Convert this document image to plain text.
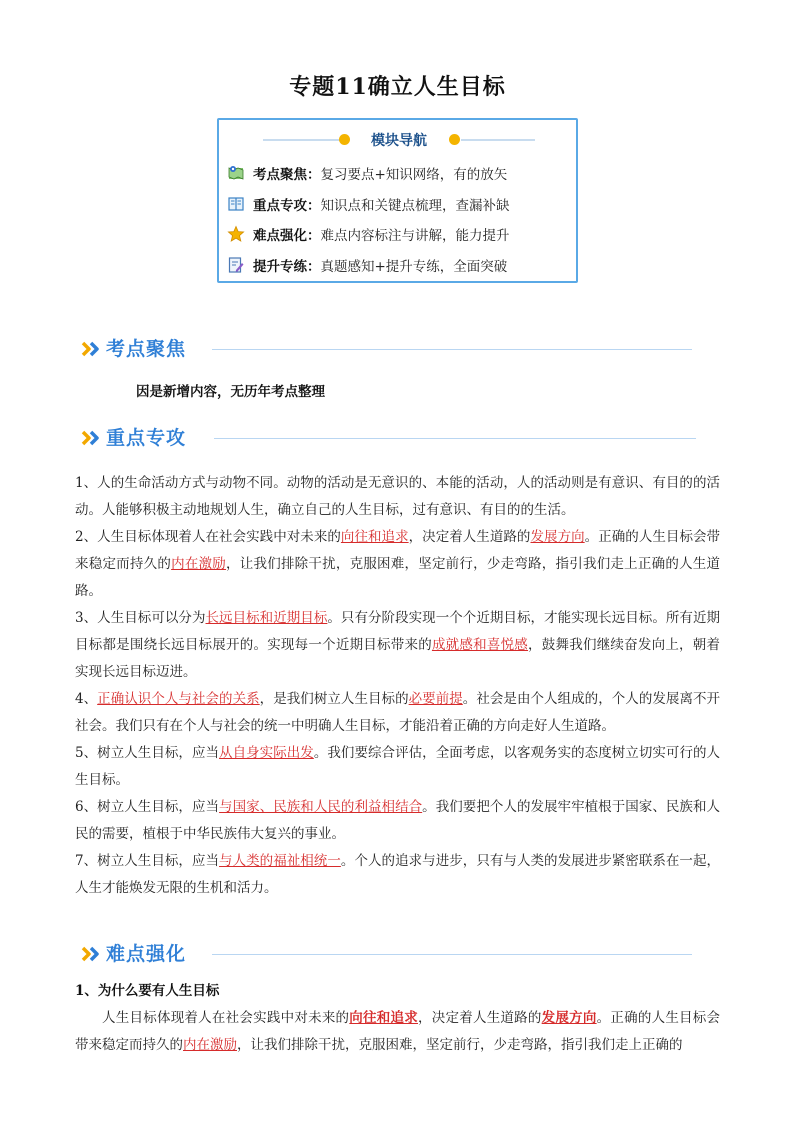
专题11确立人生目标
模块导航
考点聚焦： 复习要点+知识网络，有的放矢
重点专攻： 知识点和关键点梳理，查漏补缺
难点强化： 难点内容标注与讲解，能力提升
提升专练： 真题感知+提升专练，全面突破
考点聚焦
因是新增内容，无历年考点整理
重点专攻
1、人的生命活动方式与动物不同。动物的活动是无意识的、本能的活动，人的活动则是有意识、有目的的活动。人能够积极主动地规划人生，确立自己的人生目标，过有意识、有目的的生活。
2、人生目标体现着人在社会实践中对未来的向往和追求，决定着人生道路的发展方向。正确的人生目标会带来稳定而持久的内在激励，让我们排除干扰，克服困难，坚定前行，少走弯路，指引我们走上正确的人生道路。
3、人生目标可以分为长远目标和近期目标。只有分阶段实现一个个近期目标，才能实现长远目标。所有近期目标都是围绕长远目标展开的。实现每一个近期目标带来的成就感和喜悦感，鼓舞我们继续奋发向上，朝着实现长远目标迈进。
4、正确认识个人与社会的关系，是我们树立人生目标的必要前提。社会是由个人组成的，个人的发展离不开社会。我们只有在个人与社会的统一中明确人生目标，才能沿着正确的方向走好人生道路。
5、树立人生目标，应当从自身实际出发。我们要综合评估，全面考虑，以客观务实的态度树立切实可行的人生目标。
6、树立人生目标，应当与国家、民族和人民的利益相结合。我们要把个人的发展牢牢植根于国家、民族和人民的需要，植根于中华民族伟大复兴的事业。
7、树立人生目标，应当与人类的福祉相统一。个人的追求与进步，只有与人类的发展进步紧密联系在一起，人生才能焕发无限的生机和活力。
难点强化
1、为什么要有人生目标
人生目标体现着人在社会实践中对未来的向往和追求，决定着人生道路的发展方向。正确的人生目标会带来稳定而持久的内在激励，让我们排除干扰，克服困难，坚定前行，少走弯路，指引我们走上正确的
